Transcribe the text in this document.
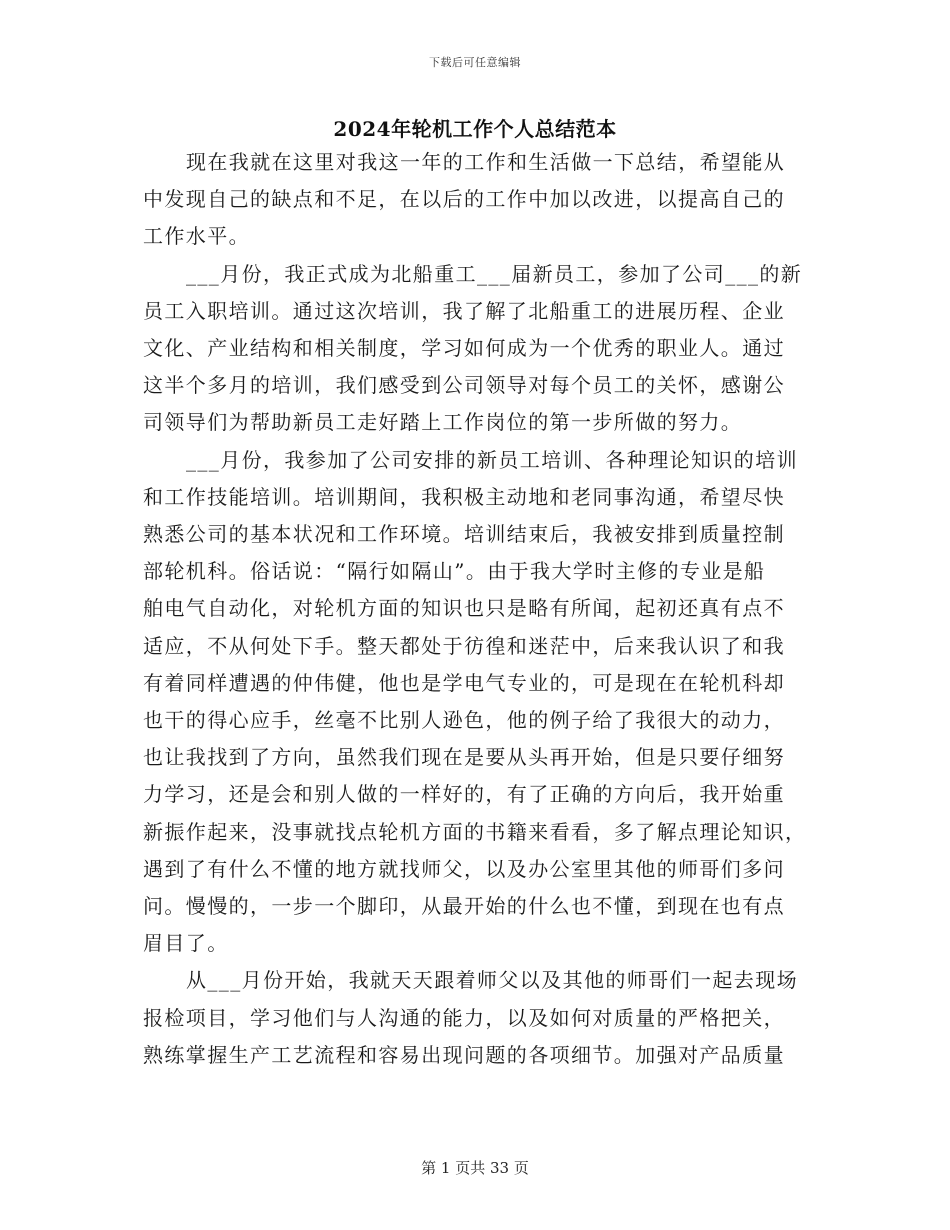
下载后可任意编辑
2024年轮机工作个人总结范本

现在我就在这里对我这一年的工作和生活做一下总结，希望能从
中发现自己的缺点和不足，在以后的工作中加以改进，以提高自己的
工作水平。

___月份，我正式成为北船重工___届新员工，参加了公司___的新
员工入职培训。通过这次培训，我了解了北船重工的进展历程、企业
文化、产业结构和相关制度，学习如何成为一个优秀的职业人。通过
这半个多月的培训，我们感受到公司领导对每个员工的关怀，感谢公
司领导们为帮助新员工走好踏上工作岗位的第一步所做的努力。

___月份，我参加了公司安排的新员工培训、各种理论知识的培训
和工作技能培训。培训期间，我积极主动地和老同事沟通，希望尽快
熟悉公司的基本状况和工作环境。培训结束后，我被安排到质量控制
部轮机科。俗话说：“隔行如隔山”。由于我大学时主修的专业是船
舶电气自动化，对轮机方面的知识也只是略有所闻，起初还真有点不
适应，不从何处下手。整天都处于彷徨和迷茫中，后来我认识了和我
有着同样遭遇的仲伟健，他也是学电气专业的，可是现在在轮机科却
也干的得心应手，丝毫不比别人逊色，他的例子给了我很大的动力，
也让我找到了方向，虽然我们现在是要从头再开始，但是只要仔细努
力学习，还是会和别人做的一样好的，有了正确的方向后，我开始重
新振作起来，没事就找点轮机方面的书籍来看看，多了解点理论知识，
遇到了有什么不懂的地方就找师父，以及办公室里其他的师哥们多问
问。慢慢的，一步一个脚印，从最开始的什么也不懂，到现在也有点
眉目了。

从___月份开始，我就天天跟着师父以及其他的师哥们一起去现场
报检项目，学习他们与人沟通的能力，以及如何对质量的严格把关，
熟练掌握生产工艺流程和容易出现问题的各项细节。加强对产品质量

第 1 页共 33 页
